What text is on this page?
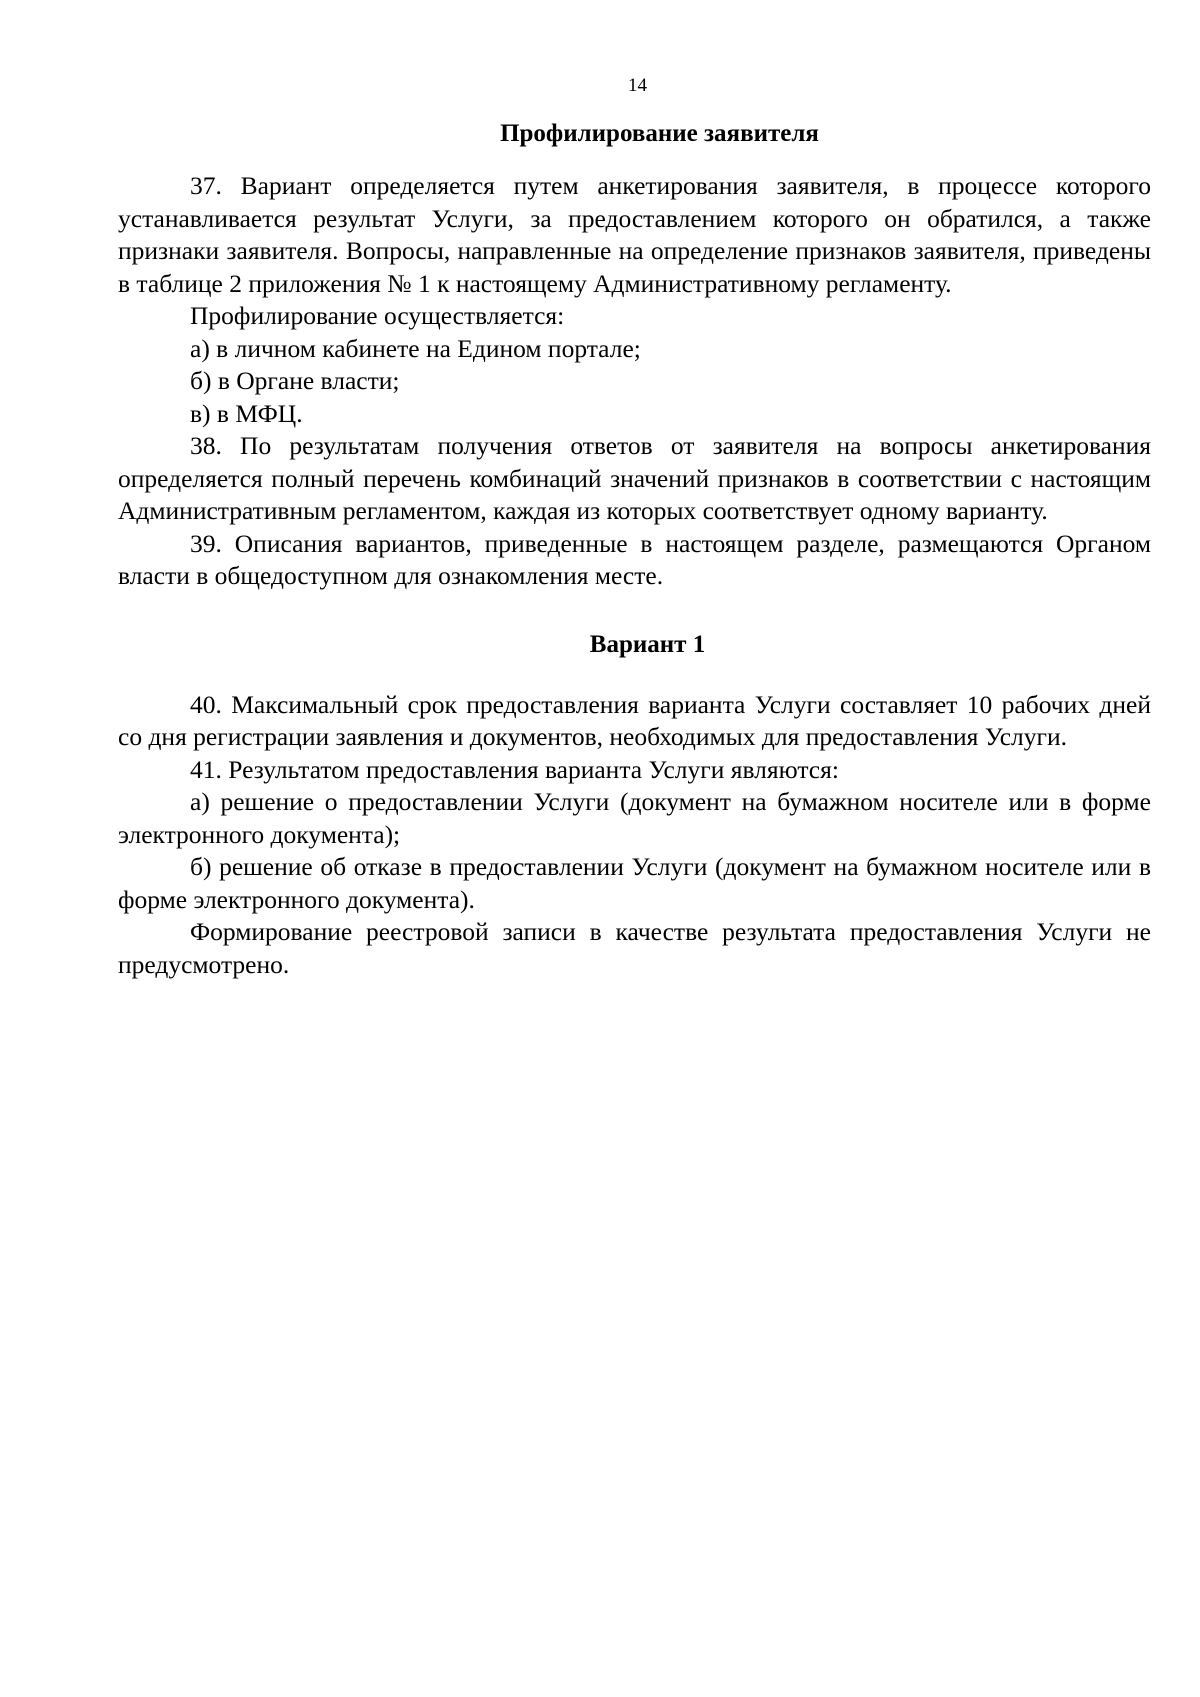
14

Профилирование заявителя

37. Вариант определяется путем анкетирования заявителя, в процессе которого устанавливается результат Услуги, за предоставлением которого он обратился, а также признаки заявителя. Вопросы, направленные на определение признаков заявителя, приведены в таблице 2 приложения № 1 к настоящему Административному регламенту.

Профилирование осуществляется:

а) в личном кабинете на Едином портале;

б) в Органе власти;

в) в МФЦ.

38. По результатам получения ответов от заявителя на вопросы анкетирования определяется полный перечень комбинаций значений признаков в соответствии с настоящим Административным регламентом, каждая из которых соответствует одному варианту.

39. Описания вариантов, приведенные в настоящем разделе, размещаются Органом власти в общедоступном для ознакомления месте.

Вариант 1

40. Максимальный срок предоставления варианта Услуги составляет 10 рабочих дней со дня регистрации заявления и документов, необходимых для предоставления Услуги.

41. Результатом предоставления варианта Услуги являются:

а) решение о предоставлении Услуги (документ на бумажном носителе или в форме электронного документа);

б) решение об отказе в предоставлении Услуги (документ на бумажном носителе или в форме электронного документа).

Формирование реестровой записи в качестве результата предоставления Услуги не предусмотрено.
